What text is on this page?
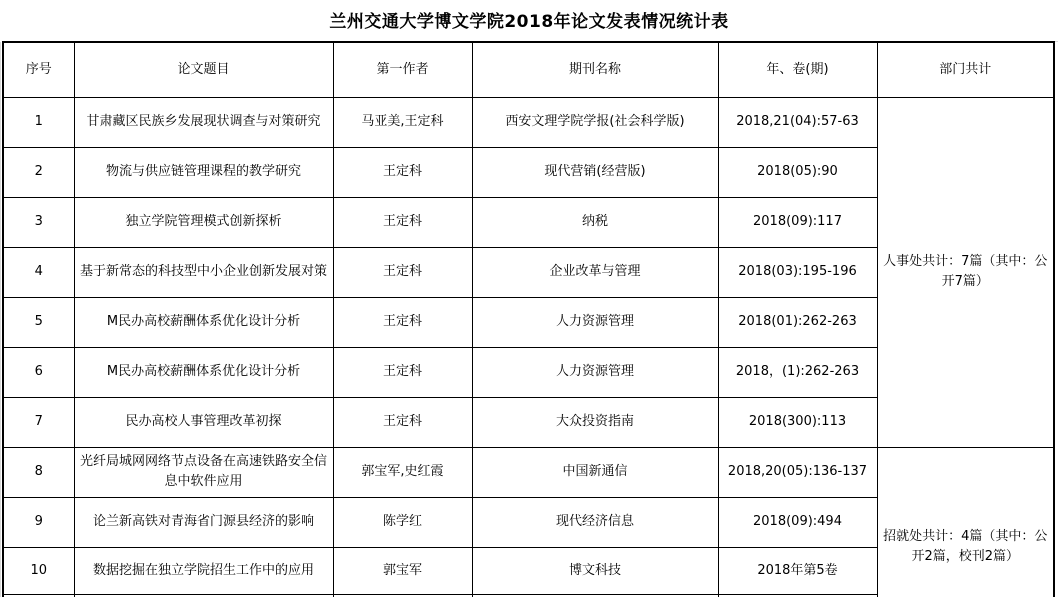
兰州交通大学博文学院2018年论文发表情况统计表
序号	论文题目	第一作者	期刊名称	年、卷(期)	部门共计
1	甘肃藏区民族乡发展现状调查与对策研究	马亚美,王定科	西安文理学院学报(社会科学版)	2018,21(04):57-63	人事处共计：7篇（其中：公开7篇）

2	物流与供应链管理课程的教学研究	王定科	现代营销(经营版)	2018(05):90	
3	独立学院管理模式创新探析	王定科	纳税	2018(09):117	
4	基于新常态的科技型中小企业创新发展对策	王定科	企业改革与管理	2018(03):195-196	
5	M民办高校薪酬体系优化设计分析	王定科	人力资源管理	2018(01):262-263	
6	M民办高校薪酬体系优化设计分析	王定科	人力资源管理	2018，(1):262-263	
7	民办高校人事管理改革初探	王定科	大众投资指南	2018(300):113	
8	光纤局城网网络节点设备在高速铁路安全信息中软件应用	郭宝军,史红霞	中国新通信	2018,20(05):136-137	招就处共计：4篇（其中：公开2篇，校刊2篇）

9	论兰新高铁对青海省门源县经济的影响	陈学红	现代经济信息	2018(09):494	
10	数据挖掘在独立学院招生工作中的应用	郭宝军	博文科技	2018年第5卷	
